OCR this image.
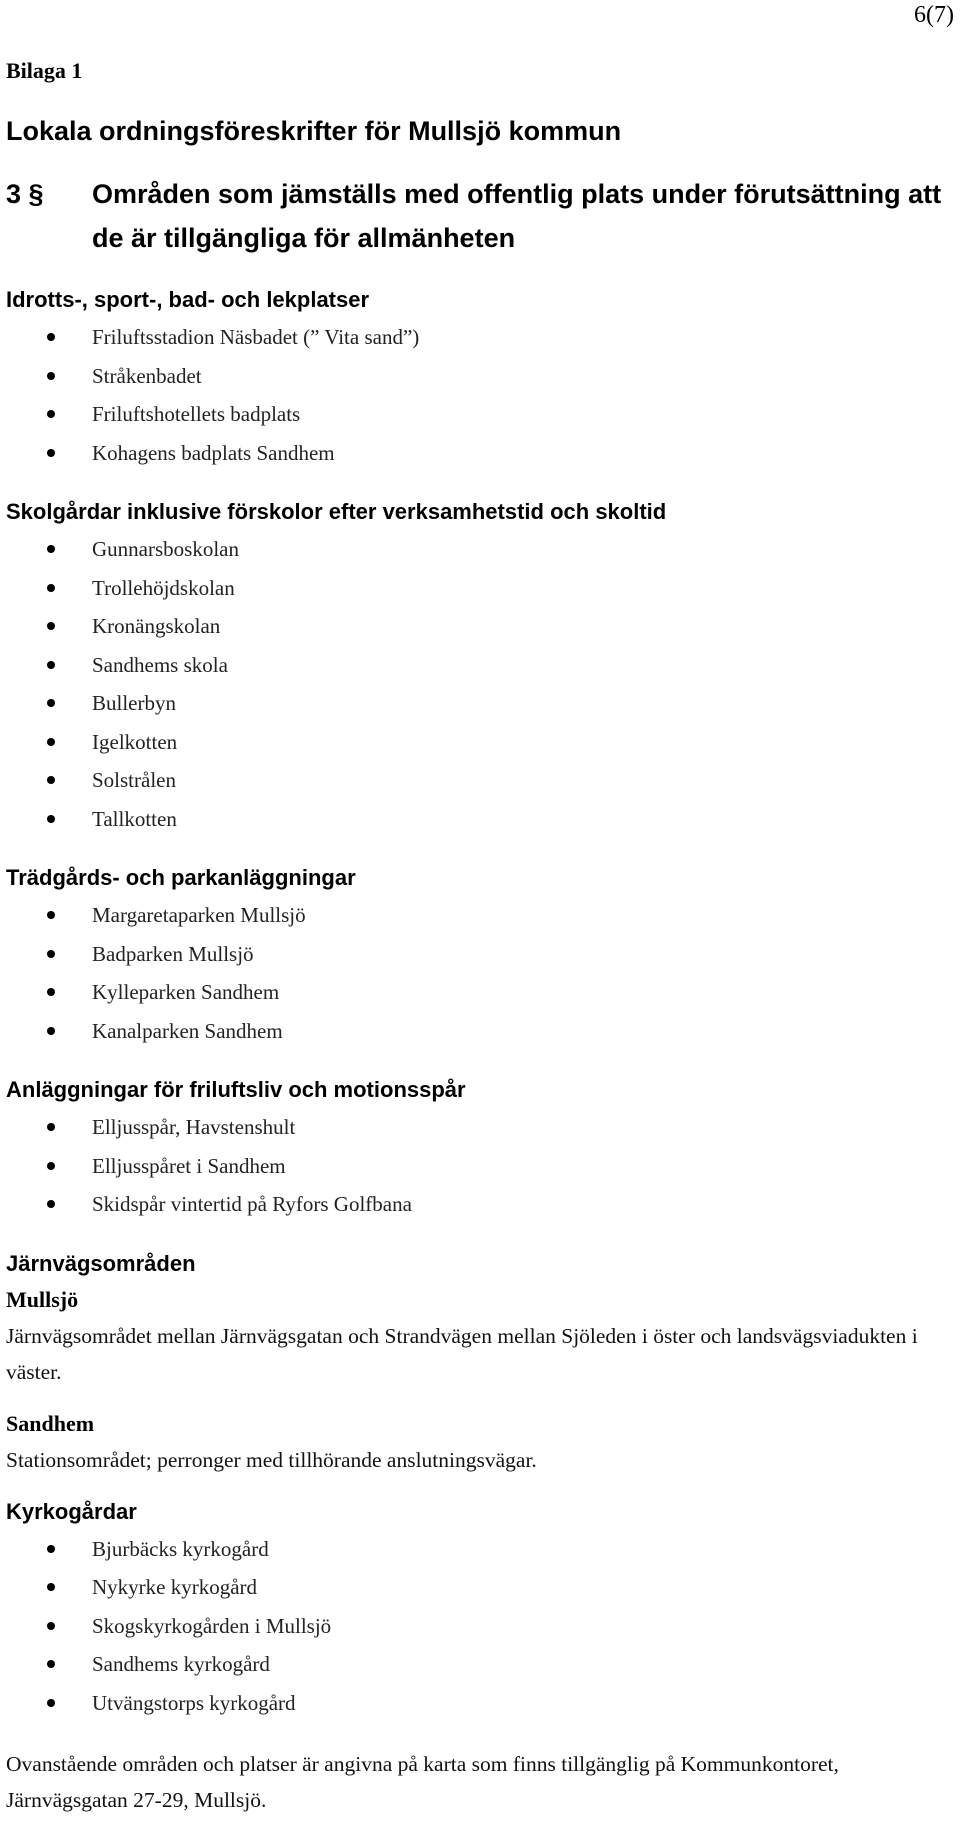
6(7)

Bilaga 1

Lokala ordningsföreskrifter för Mullsjö kommun
3 §	Områden som jämställs med offentlig plats under förutsättning att de är tillgängliga för allmänheten
Idrotts-, sport-, bad- och lekplatser
Friluftsstadion Näsbadet (” Vita sand”)
Stråkenbadet
Friluftshotellets badplats
Kohagens badplats Sandhem
Skolgårdar inklusive förskolor efter verksamhetstid och skoltid
Gunnarsboskolan
Trollehöjdskolan
Kronängskolan
Sandhems skola
Bullerbyn
Igelkotten
Solstrålen
Tallkotten
Trädgårds- och parkanläggningar
Margaretaparken Mullsjö
Badparken Mullsjö
Kylleparken Sandhem
Kanalparken Sandhem
Anläggningar för friluftsliv och motionsspår
Elljusspår, Havstenshult
Elljusspåret i Sandhem
Skidspår vintertid på Ryfors Golfbana
Järnvägsområden

Mullsjö

Järnvägsområdet mellan Järnvägsgatan och Strandvägen mellan Sjöleden i öster och landsvägsviadukten i väster.

Sandhem

Stationsområdet; perronger med tillhörande anslutningsvägar.

Kyrkogårdar
Bjurbäcks kyrkogård
Nykyrke kyrkogård
Skogskyrkogården i Mullsjö
Sandhems kyrkogård
Utvängstorps kyrkogård

Ovanstående områden och platser är angivna på karta som finns tillgänglig på Kommunkontoret, Järnvägsgatan 27-29, Mullsjö.
